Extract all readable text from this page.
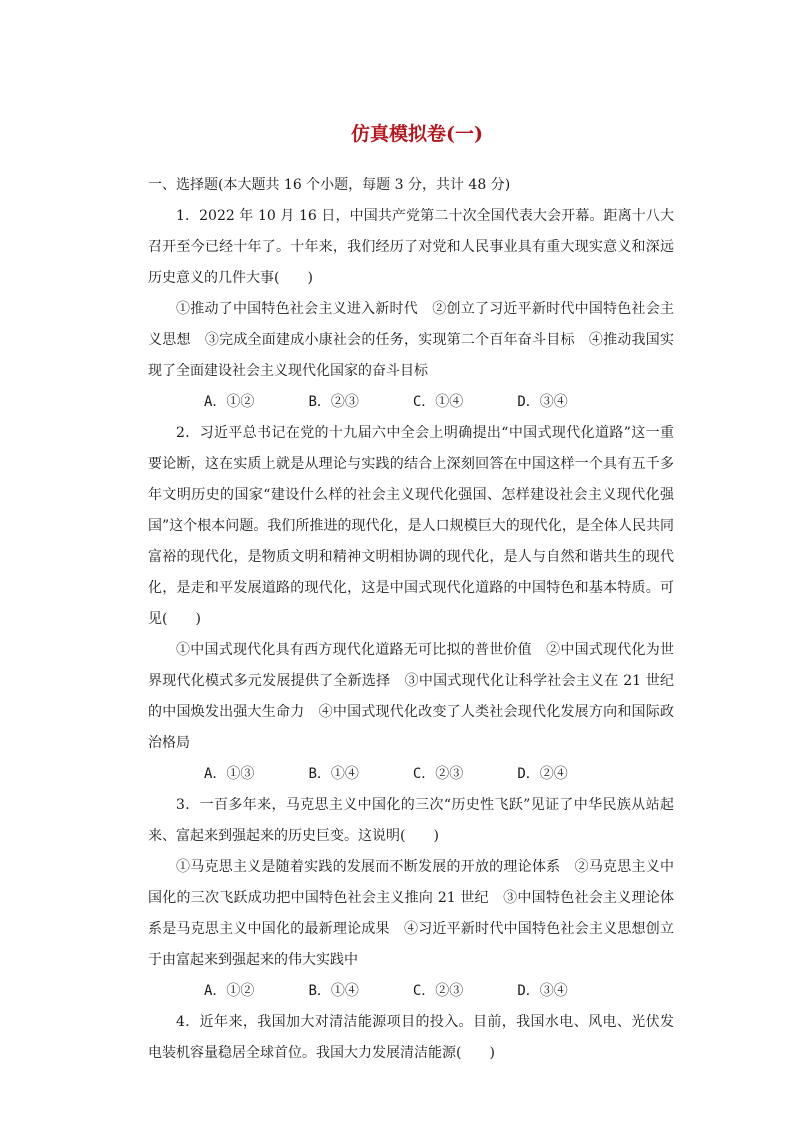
仿真模拟卷(一)
一、选择题(本大题共 16 个小题，每题 3 分，共计 48 分)

1．2022 年 10 月 16 日，中国共产党第二十次全国代表大会开幕。距离十八大召开至今已经十年了。十年来，我们经历了对党和人民事业具有重大现实意义和深远历史意义的几件大事(　　)

①推动了中国特色社会主义进入新时代　②创立了习近平新时代中国特色社会主义思想　③完成全面建成小康社会的任务，实现第二个百年奋斗目标　④推动我国实现了全面建设社会主义现代化国家的奋斗目标

A．①②	B．②③	C．①④	D．③④

2．习近平总书记在党的十九届六中全会上明确提出“中国式现代化道路”这一重要论断，这在实质上就是从理论与实践的结合上深刻回答在中国这样一个具有五千多年文明历史的国家“建设什么样的社会主义现代化强国、怎样建设社会主义现代化强国”这个根本问题。我们所推进的现代化，是人口规模巨大的现代化，是全体人民共同富裕的现代化，是物质文明和精神文明相协调的现代化，是人与自然和谐共生的现代化，是走和平发展道路的现代化，这是中国式现代化道路的中国特色和基本特质。可见(　　)

①中国式现代化具有西方现代化道路无可比拟的普世价值　②中国式现代化为世界现代化模式多元发展提供了全新选择　③中国式现代化让科学社会主义在 21 世纪的中国焕发出强大生命力　④中国式现代化改变了人类社会现代化发展方向和国际政治格局

A．①③	B．①④	C．②③	D．②④

3．一百多年来，马克思主义中国化的三次“历史性飞跃”见证了中华民族从站起来、富起来到强起来的历史巨变。这说明(　　)

①马克思主义是随着实践的发展而不断发展的开放的理论体系　②马克思主义中国化的三次飞跃成功把中国特色社会主义推向 21 世纪　③中国特色社会主义理论体系是马克思主义中国化的最新理论成果　④习近平新时代中国特色社会主义思想创立于由富起来到强起来的伟大实践中

A．①②	B．①④	C．②③	D．③④

4．近年来，我国加大对清洁能源项目的投入。目前，我国水电、风电、光伏发电装机容量稳居全球首位。我国大力发展清洁能源(　　)
